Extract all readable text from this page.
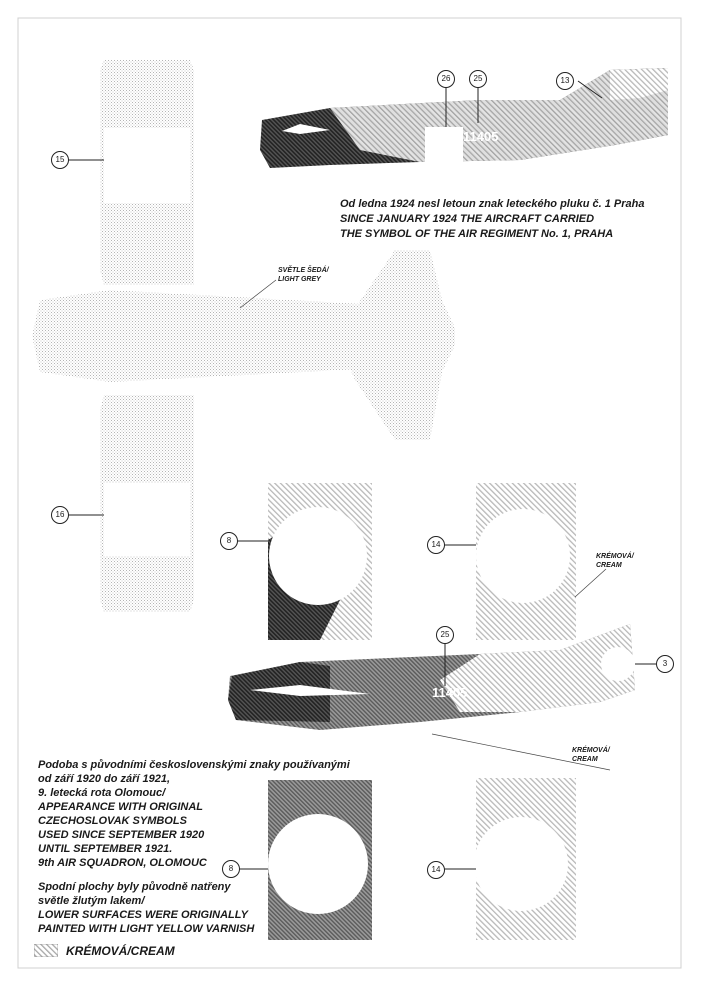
11405
11405
26	25	13
15
16
8	14
25
3
8	14
SVĚTLE ŠEDÁ/
LIGHT GREY
KRÉMOVÁ/
CREAM
KRÉMOVÁ/
CREAM
Od ledna 1924 nesl letoun znak leteckého pluku č. 1 Praha
SINCE JANUARY 1924 THE AIRCRAFT CARRIED
THE SYMBOL OF THE AIR REGIMENT No. 1, PRAHA
Podoba s původními československými znaky používanými
od září 1920 do září 1921,
9. letecká rota Olomouc/
APPEARANCE WITH ORIGINAL
CZECHOSLOVAK SYMBOLS
USED SINCE SEPTEMBER 1920
UNTIL SEPTEMBER 1921.
9th AIR SQUADRON, OLOMOUC
Spodní plochy byly původně natřeny
světle žlutým lakem/
LOWER SURFACES WERE ORIGINALLY
PAINTED WITH LIGHT YELLOW VARNISH
KRÉMOVÁ/CREAM
